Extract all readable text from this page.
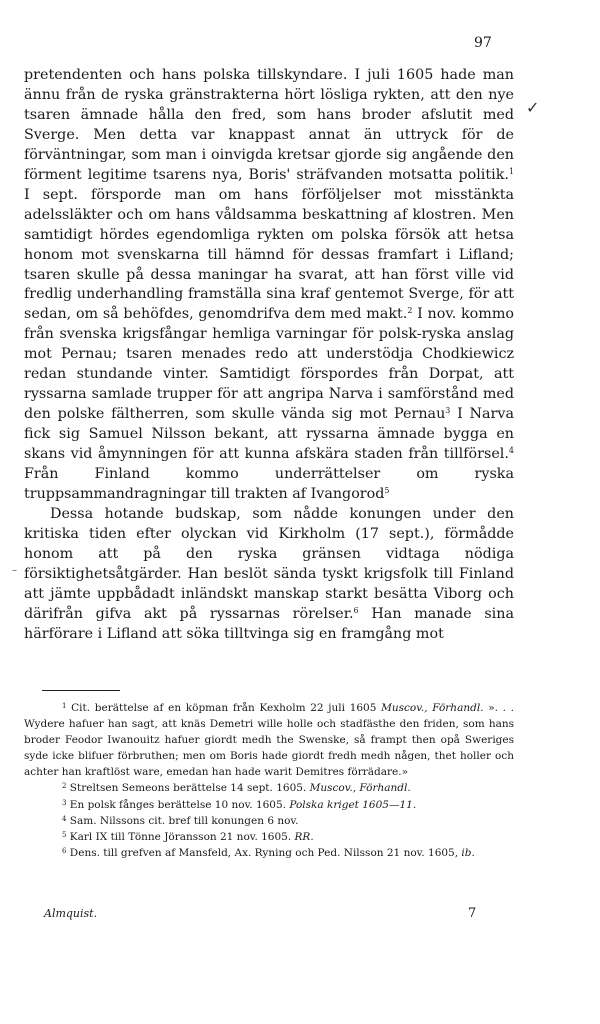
97
✓
–

pretendenten och hans polska tillskyndare. I juli 1605 hade man ännu från de ryska gränstrakterna hört lösliga rykten, att den nye tsaren ämnade hålla den fred, som hans broder afslutit med Sverge. Men detta var knappast annat än uttryck för de förväntningar, som man i oinvigda kretsar gjorde sig angående den förment legitime tsarens nya, Boris' sträfvanden motsatta politik.$^1$ I sept. försporde man om hans förföljelser mot misstänkta adelssläkter och om hans våldsamma beskattning af klostren. Men samtidigt hördes egendomliga rykten om polska försök att hetsa honom mot svenskarna till hämnd för dessas framfart i Lifland; tsaren skulle på dessa maningar ha svarat, att han först ville vid fredlig underhandling framställa sina kraf gentemot Sverge, för att sedan, om så behöfdes, genomdrifva dem med makt.$^2$ I nov. kommo från svenska krigsfångar hemliga varningar för polsk-ryska anslag mot Pernau; tsaren menades redo att understödja Chodkiewicz redan stundande vinter. Samtidigt förspordes från Dorpat, att ryssarna samlade trupper för att angripa Narva i samförstånd med den polske fältherren, som skulle vända sig mot Pernau$^3$ I Narva fick sig Samuel Nilsson bekant, att ryssarna ämnade bygga en skans vid åmynningen för att kunna afskära staden från tillförsel.$^4$ Från Finland kommo underrättelser om ryska truppsammandragningar till trakten af Ivangorod$^5$

Dessa hotande budskap, som nådde konungen under den kritiska tiden efter olyckan vid Kirkholm (17 sept.), förmådde honom att på den ryska gränsen vidtaga nödiga försiktighetsåtgärder. Han beslöt sända tyskt krigsfolk till Finland att jämte uppbådadt inländskt manskap starkt besätta Viborg och därifrån gifva akt på ryssarnas rörelser.$^6$ Han manade sina härförare i Lifland att söka tilltvinga sig en framgång mot

$^1$ Cit. berättelse af en köpman från Kexholm 22 juli 1605 Muscov., Förhandl. ». . . Wydere hafuer han sagt, att knäs Demetri wille holle och stadfästhe den friden, som hans broder Feodor Iwanouitz hafuer giordt medh the Swenske, så frampt then opå Sweriges syde icke blifuer förbruthen; men om Boris hade giordt fredh medh någen, thet holler och achter han kraftlöst ware, emedan han hade warit Demitres förrädare.»

$^2$ Streltsen Semeons berättelse 14 sept. 1605. Muscov., Förhandl.

$^3$ En polsk fånges berättelse 10 nov. 1605. Polska kriget 1605—11.

$^4$ Sam. Nilssons cit. bref till konungen 6 nov.

$^5$ Karl IX till Tönne Jöransson 21 nov. 1605. RR.

$^6$ Dens. till grefven af Mansfeld, Ax. Ryning och Ped. Nilsson 21 nov. 1605, ib.

Almquist.	7
